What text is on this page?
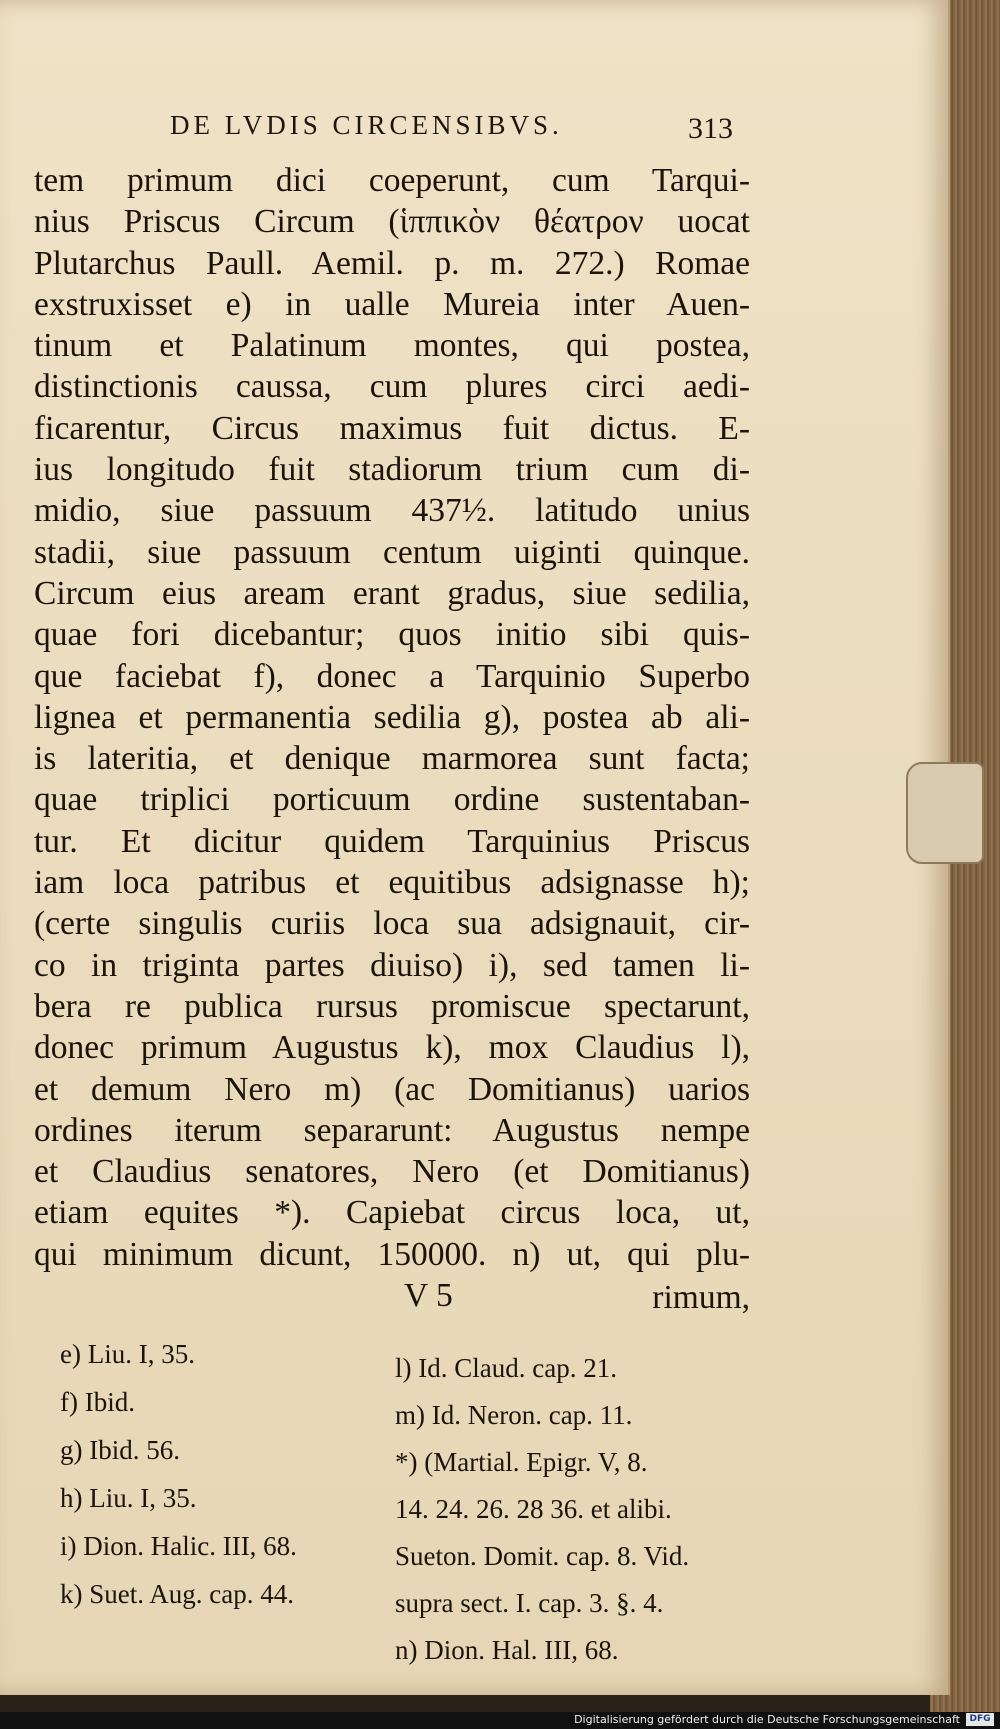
DE LVDIS CIRCENSIBVS.	313
tem primum dici coeperunt, cum Tarqui-
nius Priscus Circum (ἱππικὸν θέατρον uocat
Plutarchus Paull. Aemil. p. m. 272.) Romae
exstruxisset e) in ualle Mureia inter Auen-
tinum et Palatinum montes, qui postea,
distinctionis caussa, cum plures circi aedi-
ficarentur, Circus maximus fuit dictus. E-
ius longitudo fuit stadiorum trium cum di-
midio, siue passuum 437½. latitudo unius
stadii, siue passuum centum uiginti quinque.
Circum eius aream erant gradus, siue sedilia,
quae fori dicebantur; quos initio sibi quis-
que faciebat f), donec a Tarquinio Superbo
lignea et permanentia sedilia g), postea ab ali-
is lateritia, et denique marmorea sunt facta;
quae triplici porticuum ordine sustentaban-
tur. Et dicitur quidem Tarquinius Priscus
iam loca patribus et equitibus adsignasse h);
(certe singulis curiis loca sua adsignauit, cir-
co in triginta partes diuiso) i), sed tamen li-
bera re publica rursus promiscue spectarunt,
donec primum Augustus k), mox Claudius l),
et demum Nero m) (ac Domitianus) uarios
ordines iterum separarunt: Augustus nempe
et Claudius senatores, Nero (et Domitianus)
etiam equites *). Capiebat circus loca, ut,
qui minimum dicunt, 150000. n) ut, qui plu-
V 5	rimum,
e) Liu. I, 35.
f) Ibid.
g) Ibid. 56.
h) Liu. I, 35.
i) Dion. Halic. III, 68.
k) Suet. Aug. cap. 44.
l) Id. Claud. cap. 21.
m) Id. Neron. cap. 11.
*) (Martial. Epigr. V, 8.
14. 24. 26. 28 36. et alibi.
Sueton. Domit. cap. 8. Vid.
supra sect. I. cap. 3. §. 4.
n) Dion. Hal. III, 68.
Digitalisierung gefördert durch die Deutsche Forschungsgemeinschaft	DFG
